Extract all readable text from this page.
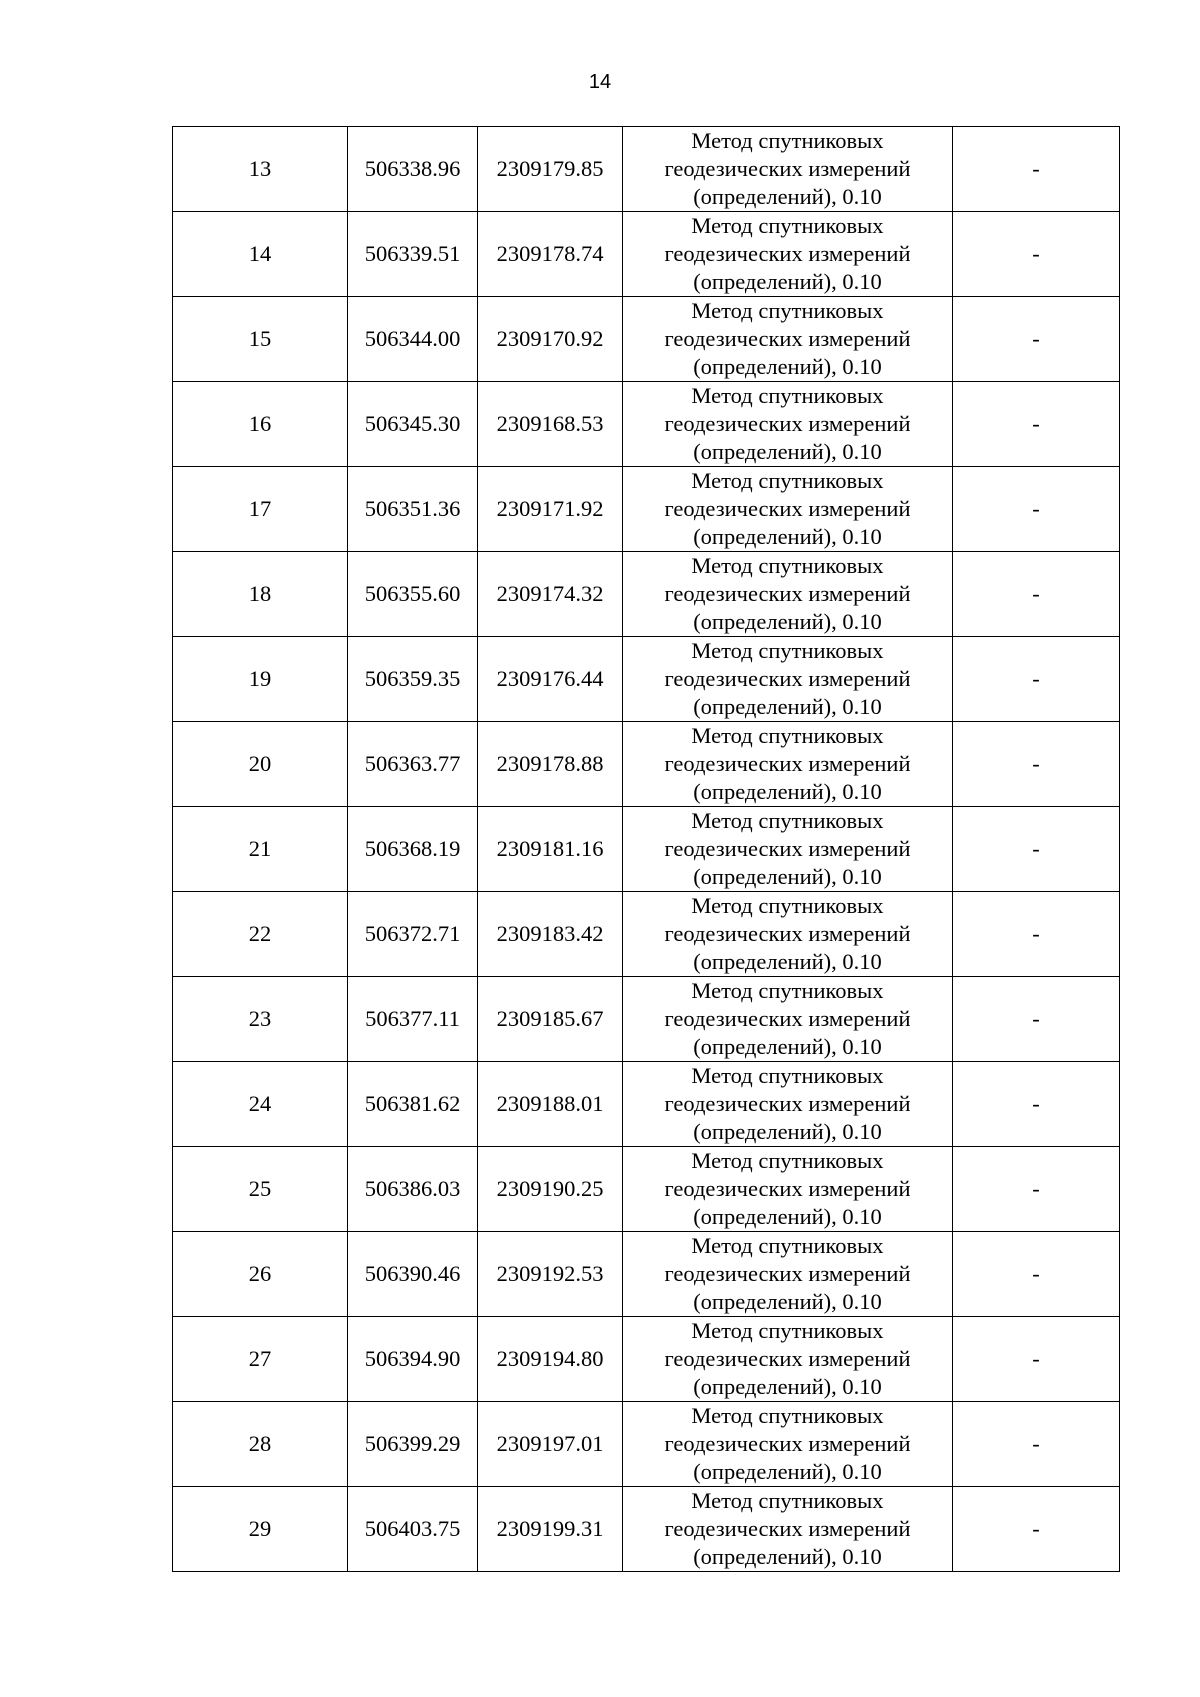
14
13	506338.96	2309179.85	Метод спутниковых геодезических измерений (определений), 0.10	-
14	506339.51	2309178.74	Метод спутниковых геодезических измерений (определений), 0.10	-
15	506344.00	2309170.92	Метод спутниковых геодезических измерений (определений), 0.10	-
16	506345.30	2309168.53	Метод спутниковых геодезических измерений (определений), 0.10	-
17	506351.36	2309171.92	Метод спутниковых геодезических измерений (определений), 0.10	-
18	506355.60	2309174.32	Метод спутниковых геодезических измерений (определений), 0.10	-
19	506359.35	2309176.44	Метод спутниковых геодезических измерений (определений), 0.10	-
20	506363.77	2309178.88	Метод спутниковых геодезических измерений (определений), 0.10	-
21	506368.19	2309181.16	Метод спутниковых геодезических измерений (определений), 0.10	-
22	506372.71	2309183.42	Метод спутниковых геодезических измерений (определений), 0.10	-
23	506377.11	2309185.67	Метод спутниковых геодезических измерений (определений), 0.10	-
24	506381.62	2309188.01	Метод спутниковых геодезических измерений (определений), 0.10	-
25	506386.03	2309190.25	Метод спутниковых геодезических измерений (определений), 0.10	-
26	506390.46	2309192.53	Метод спутниковых геодезических измерений (определений), 0.10	-
27	506394.90	2309194.80	Метод спутниковых геодезических измерений (определений), 0.10	-
28	506399.29	2309197.01	Метод спутниковых геодезических измерений (определений), 0.10	-
29	506403.75	2309199.31	Метод спутниковых геодезических измерений (определений), 0.10	-
